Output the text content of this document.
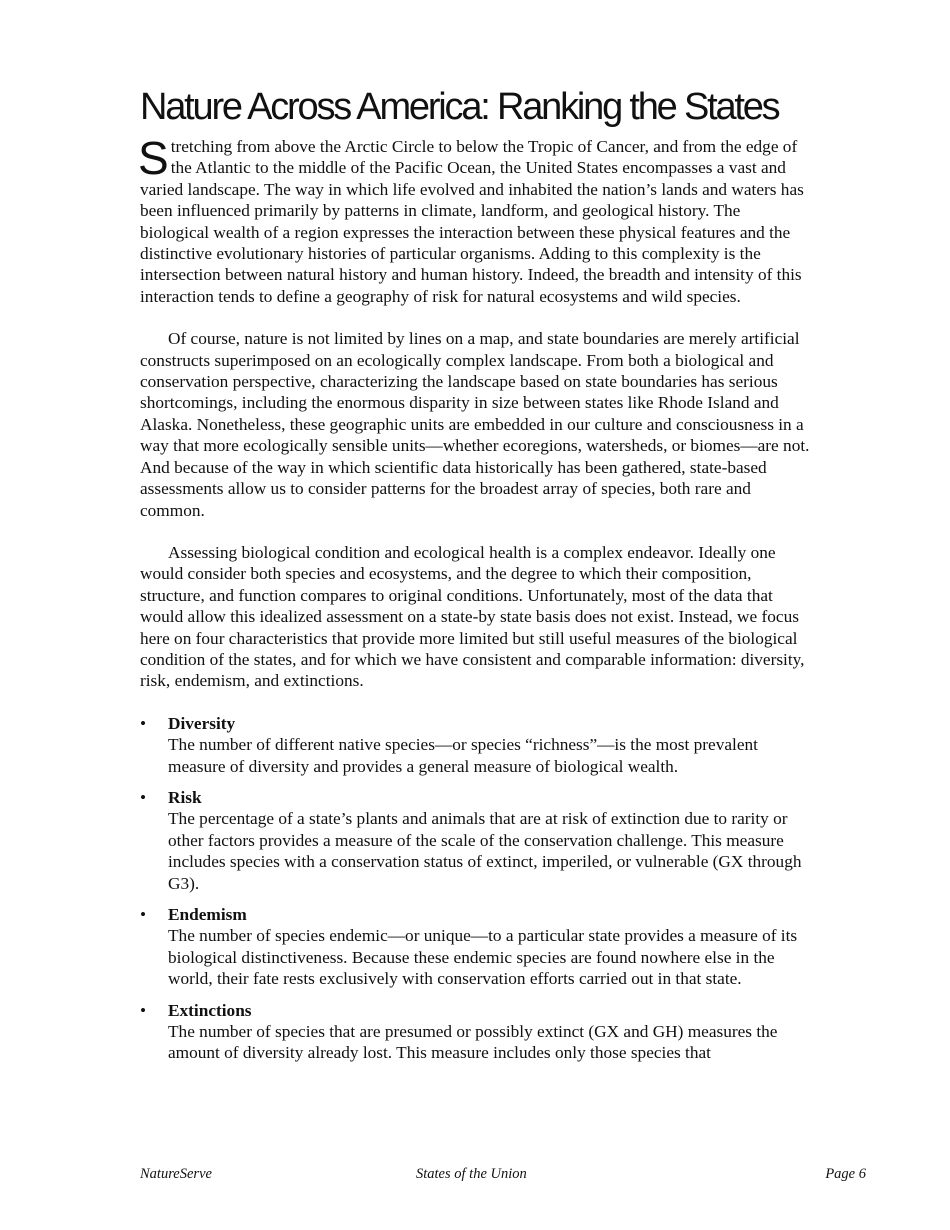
Nature Across America: Ranking the States

Stretching from above the Arctic Circle to below the Tropic of Cancer, and from the edge of the Atlantic to the middle of the Pacific Ocean, the United States encompasses a vast and varied landscape. The way in which life evolved and inhabited the nation’s lands and waters has been influenced primarily by patterns in climate, landform, and geological history. The biological wealth of a region expresses the interaction between these physical features and the distinctive evolutionary histories of particular organisms. Adding to this complexity is the intersection between natural history and human history. Indeed, the breadth and intensity of this interaction tends to define a geography of risk for natural ecosystems and wild species.

Of course, nature is not limited by lines on a map, and state boundaries are merely artificial constructs superimposed on an ecologically complex landscape. From both a biological and conservation perspective, characterizing the landscape based on state boundaries has serious shortcomings, including the enormous disparity in size between states like Rhode Island and Alaska. Nonetheless, these geographic units are embedded in our culture and consciousness in a way that more ecologically sensible units—whether ecoregions, watersheds, or biomes—are not. And because of the way in which scientific data historically has been gathered, state-based assessments allow us to consider patterns for the broadest array of species, both rare and common.

Assessing biological condition and ecological health is a complex endeavor. Ideally one would consider both species and ecosystems, and the degree to which their composition, structure, and function compares to original conditions. Unfortunately, most of the data that would allow this idealized assessment on a state-by state basis does not exist. Instead, we focus here on four characteristics that provide more limited but still useful measures of the biological condition of the states, and for which we have consistent and comparable information: diversity, risk, endemism, and extinctions.

• Diversity
The number of different native species—or species “richness”—is the most prevalent measure of diversity and provides a general measure of biological wealth.
• Risk
The percentage of a state’s plants and animals that are at risk of extinction due to rarity or other factors provides a measure of the scale of the conservation challenge. This measure includes species with a conservation status of extinct, imperiled, or vulnerable (GX through G3).
• Endemism
The number of species endemic—or unique—to a particular state provides a measure of its biological distinctiveness. Because these endemic species are found nowhere else in the world, their fate rests exclusively with conservation efforts carried out in that state.
• Extinctions
The number of species that are presumed or possibly extinct (GX and GH) measures the amount of diversity already lost. This measure includes only those species that
NatureServe	States of the Union	Page 6
